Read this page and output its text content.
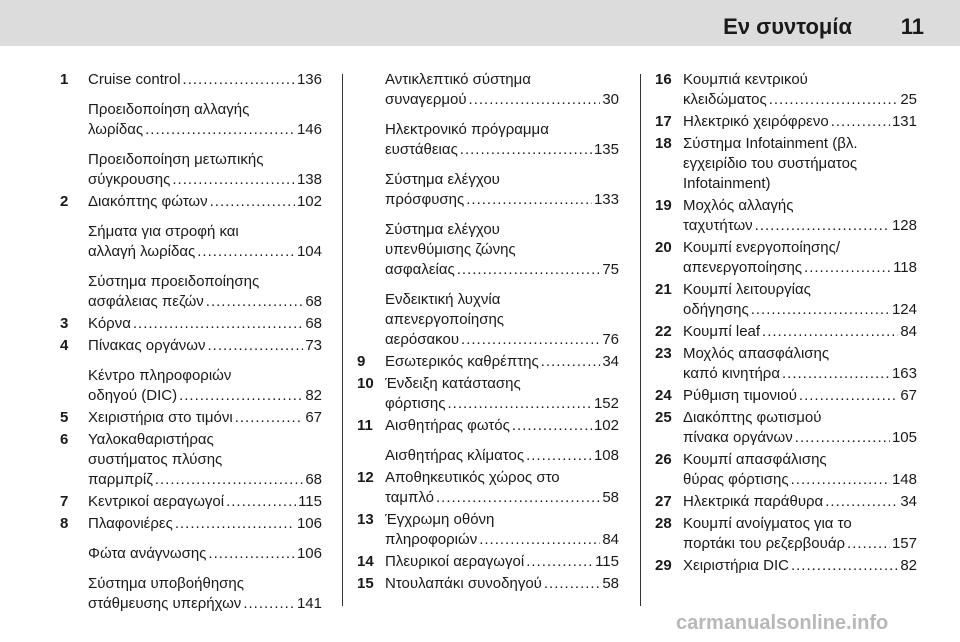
Εν συντομία 11
1 Cruise control .....	136
Προειδοποίηση αλλαγής
λωρίδας .....	146
Προειδοποίηση μετωπικής
σύγκρουσης .....	138
2 Διακόπτης φώτων .....	102
Σήματα για στροφή και
αλλαγή λωρίδας .....	104
Σύστημα προειδοποίησης
ασφάλειας πεζών .....	68
3 Κόρνα .....	68
4 Πίνακας οργάνων .....	73
Κέντρο πληροφοριών
οδηγού (DIC) .....	82
5 Χειριστήρια στο τιμόνι .....	67
6 Υαλοκαθαριστήρας
συστήματος πλύσης
παρμπρίζ .....	68
7 Κεντρικοί αεραγωγοί .....	115
8 Πλαφονιέρες .....	106
Φώτα ανάγνωσης .....	106
Σύστημα υποβοήθησης
στάθμευσης υπερήχων .....	141
Αντικλεπτικό σύστημα
συναγερμού .....	30
Ηλεκτρονικό πρόγραμμα
ευστάθειας .....	135
Σύστημα ελέγχου
πρόσφυσης .....	133
Σύστημα ελέγχου
υπενθύμισης ζώνης
ασφαλείας .....	75
Ενδεικτική λυχνία
απενεργοποίησης
αερόσακου .....	76
9 Εσωτερικός καθρέπτης .....	34
10 Ένδειξη κατάστασης
φόρτισης .....	152
11 Αισθητήρας φωτός .....	102
Αισθητήρας κλίματος .....	108
12 Αποθηκευτικός χώρος στο
ταμπλό .....	58
13 Έγχρωμη οθόνη
πληροφοριών .....	84
14 Πλευρικοί αεραγωγοί .....	115
15 Ντουλαπάκι συνοδηγού .....	58
16 Κουμπιά κεντρικού
κλειδώματος .....	25
17 Ηλεκτρικό χειρόφρενο .....	131
18 Σύστημα Infotainment (βλ.
εγχειρίδιο του συστήματος
Infotainment)
19 Μοχλός αλλαγής
ταχυτήτων .....	128
20 Κουμπί ενεργοποίησης/
απενεργοποίησης .....	118
21 Κουμπί λειτουργίας
οδήγησης .....	124
22 Κουμπί leaf .....	84
23 Μοχλός απασφάλισης
καπό κινητήρα .....	163
24 Ρύθμιση τιμονιού .....	67
25 Διακόπτης φωτισμού
πίνακα οργάνων .....	105
26 Κουμπί απασφάλισης
θύρας φόρτισης .....	148
27 Ηλεκτρικά παράθυρα .....	34
28 Κουμπί ανοίγματος για το
πορτάκι του ρεζερβουάρ .....	157
29 Χειριστήρια DIC .....	82
carmanualsonline.info
